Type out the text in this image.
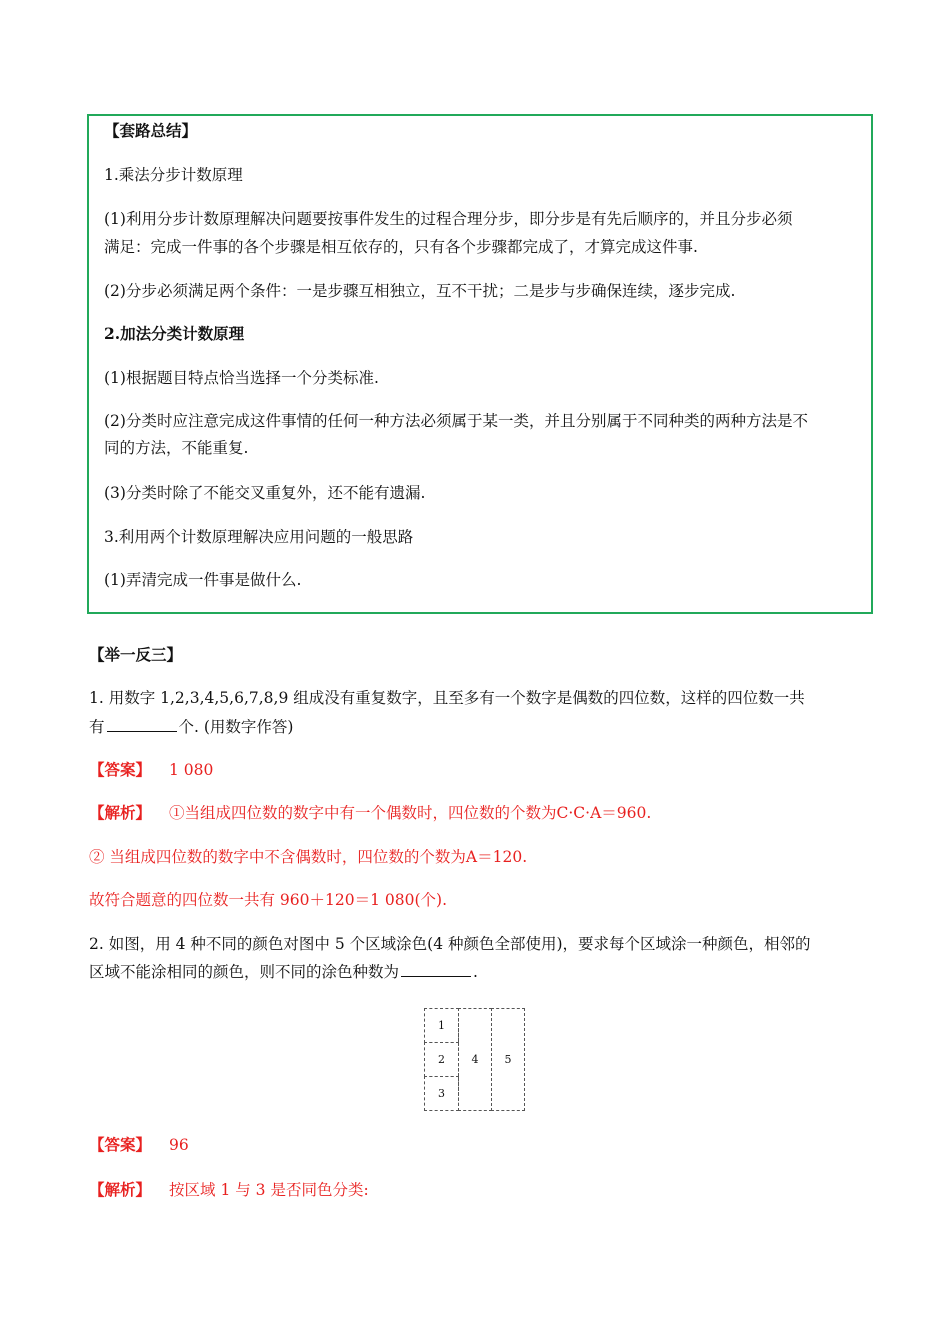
【套路总结】
1.乘法分步计数原理
(1)利用分步计数原理解决问题要按事件发生的过程合理分步，即分步是有先后顺序的，并且分步必须
满足：完成一件事的各个步骤是相互依存的，只有各个步骤都完成了，才算完成这件事.
(2)分步必须满足两个条件：一是步骤互相独立，互不干扰；二是步与步确保连续，逐步完成.
2.加法分类计数原理
(1)根据题目特点恰当选择一个分类标准.
(2)分类时应注意完成这件事情的任何一种方法必须属于某一类，并且分别属于不同种类的两种方法是不
同的方法，不能重复.
(3)分类时除了不能交叉重复外，还不能有遗漏.
3.利用两个计数原理解决应用问题的一般思路
(1)弄清完成一件事是做什么.
【举一反三】
1. 用数字 1,2,3,4,5,6,7,8,9 组成没有重复数字，且至多有一个数字是偶数的四位数，这样的四位数一共
有	个. (用数字作答)
【答案】 1 080
【解析】 ①当组成四位数的数字中有一个偶数时，四位数的个数为C·C·A＝960.
② 当组成四位数的数字中不含偶数时，四位数的个数为A＝120.
故符合题意的四位数一共有 960＋120＝1 080(个).
2. 如图，用 4 种不同的颜色对图中 5 个区域涂色(4 种颜色全部使用)，要求每个区域涂一种颜色，相邻的
区域不能涂相同的颜色，则不同的涂色种数为	.
1
2
3
4	5
【答案】 96
【解析】 按区域 1 与 3 是否同色分类:
